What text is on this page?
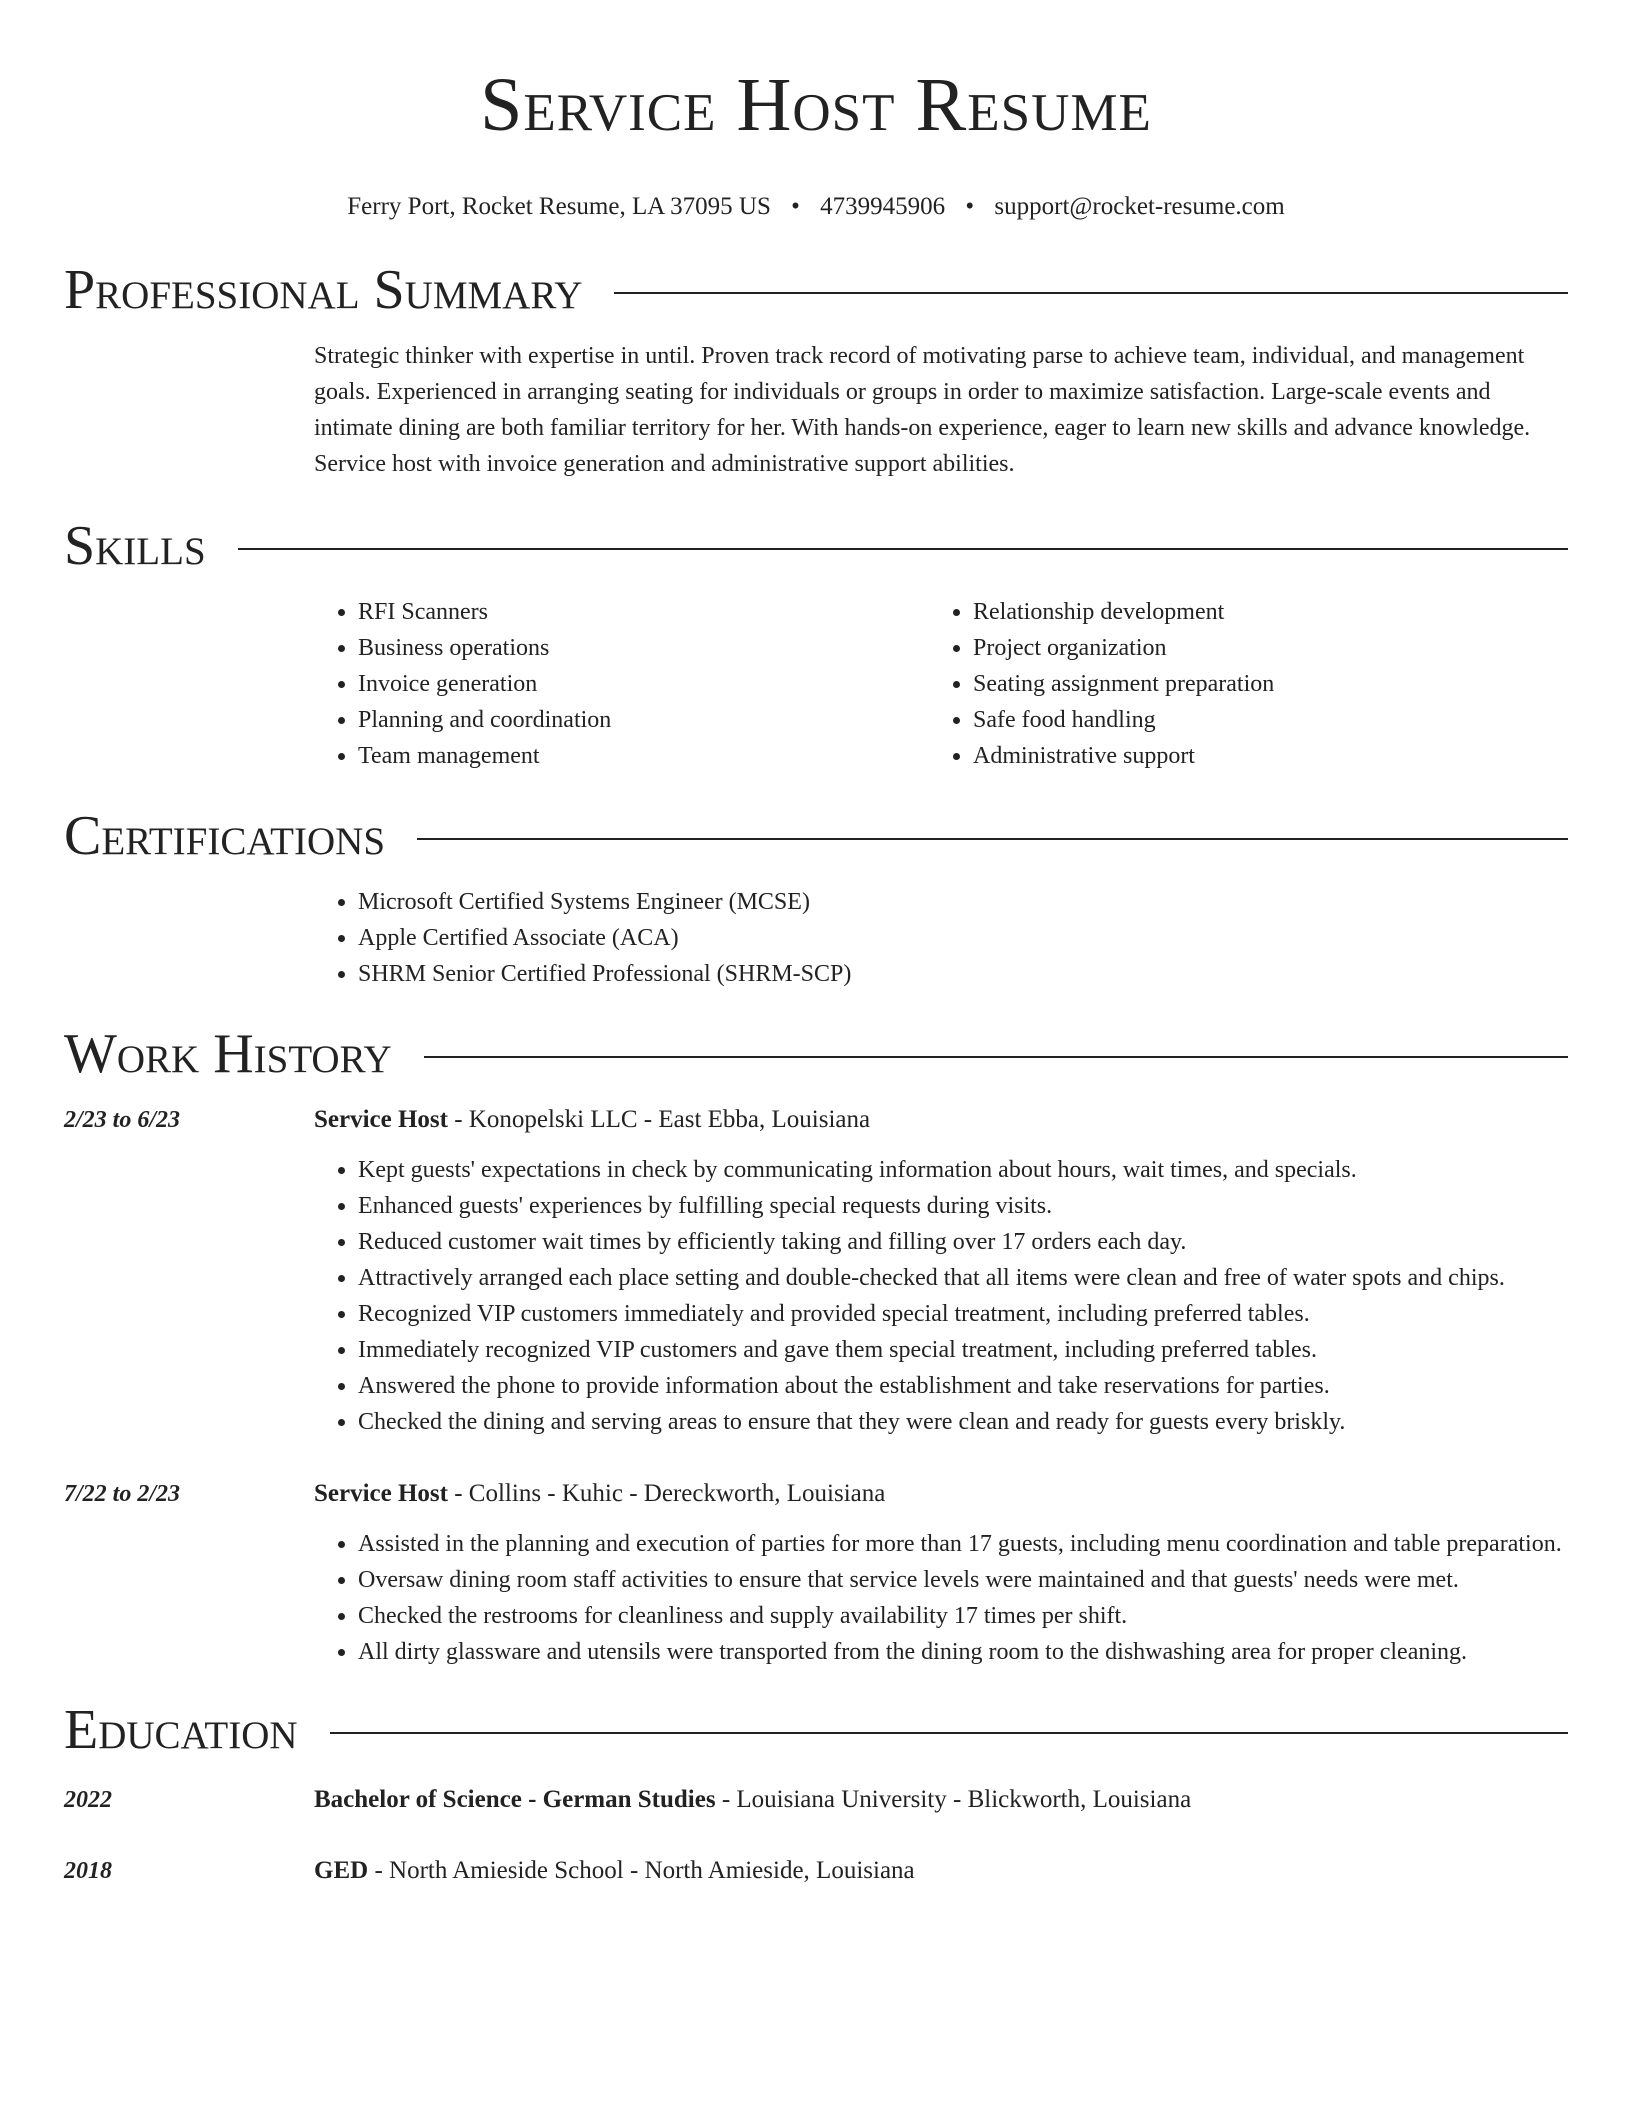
Service Host Resume
Ferry Port, Rocket Resume, LA 37095 US • 4739945906 • support@rocket-resume.com
Professional Summary
Strategic thinker with expertise in until. Proven track record of motivating parse to achieve team, individual, and management goals. Experienced in arranging seating for individuals or groups in order to maximize satisfaction. Large-scale events and intimate dining are both familiar territory for her. With hands-on experience, eager to learn new skills and advance knowledge. Service host with invoice generation and administrative support abilities.
Skills
• RFI Scanners
• Business operations
• Invoice generation
• Planning and coordination
• Team management
• Relationship development
• Project organization
• Seating assignment preparation
• Safe food handling
• Administrative support
Certifications
• Microsoft Certified Systems Engineer (MCSE)
• Apple Certified Associate (ACA)
• SHRM Senior Certified Professional (SHRM-SCP)
Work History
2/23 to 6/23	Service Host - Konopelski LLC - East Ebba, Louisiana
• Kept guests' expectations in check by communicating information about hours, wait times, and specials.
• Enhanced guests' experiences by fulfilling special requests during visits.
• Reduced customer wait times by efficiently taking and filling over 17 orders each day.
• Attractively arranged each place setting and double-checked that all items were clean and free of water spots and chips.
• Recognized VIP customers immediately and provided special treatment, including preferred tables.
• Immediately recognized VIP customers and gave them special treatment, including preferred tables.
• Answered the phone to provide information about the establishment and take reservations for parties.
• Checked the dining and serving areas to ensure that they were clean and ready for guests every briskly.
7/22 to 2/23	Service Host - Collins - Kuhic - Dereckworth, Louisiana
• Assisted in the planning and execution of parties for more than 17 guests, including menu coordination and table preparation.
• Oversaw dining room staff activities to ensure that service levels were maintained and that guests' needs were met.
• Checked the restrooms for cleanliness and supply availability 17 times per shift.
• All dirty glassware and utensils were transported from the dining room to the dishwashing area for proper cleaning.
Education
2022	Bachelor of Science - German Studies - Louisiana University - Blickworth, Louisiana
2018	GED - North Amieside School - North Amieside, Louisiana
